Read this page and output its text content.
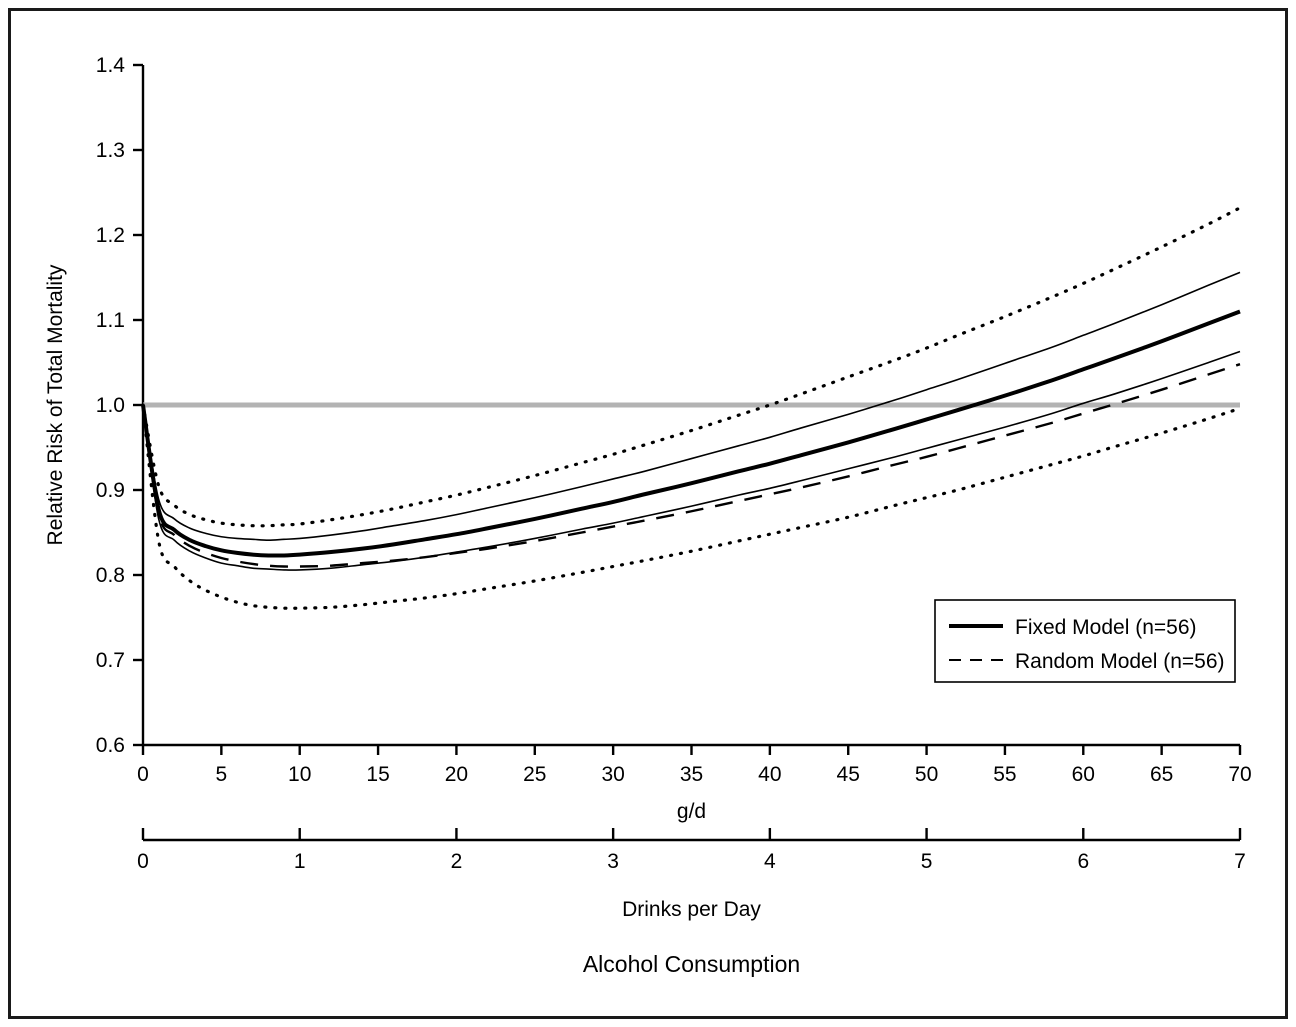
0.6
0.7
0.8
0.9
1.0
1.1
1.2
1.3
1.4
Relative Risk of Total Mortality
0	5	10	15	20	25	30	35	40	45	50	55	60	65	70
g/d
0	1	2	3	4	5	6	7
Drinks per Day
Alcohol Consumption
Fixed Model (n=56)
Random Model (n=56)
